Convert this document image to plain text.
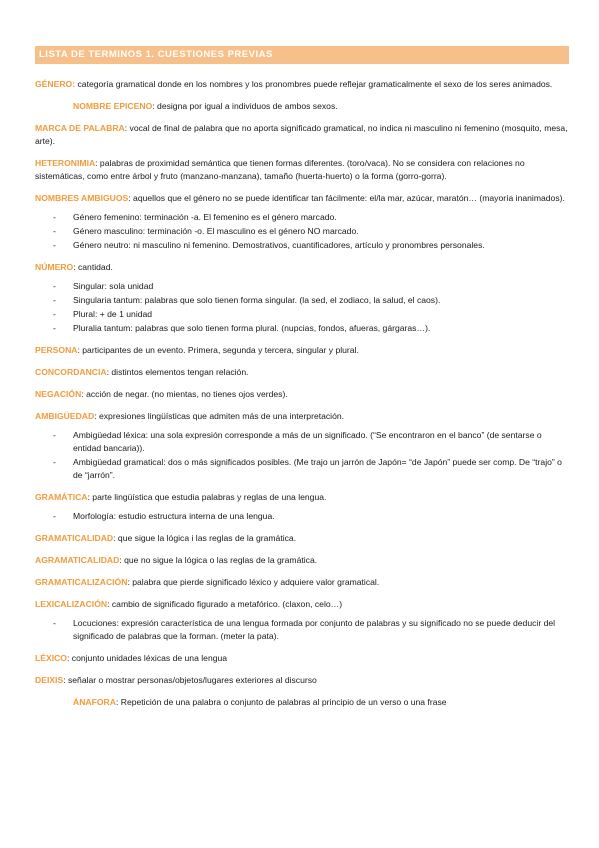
LISTA DE TERMINOS 1. CUESTIONES PREVIAS

GÉNERO: categoría gramatical donde en los nombres y los pronombres puede reflejar gramaticalmente el sexo de los seres animados.

NOMBRE EPICENO: designa por igual a individuos de ambos sexos.

MARCA DE PALABRA: vocal de final de palabra que no aporta significado gramatical, no indica ni masculino ni femenino (mosquito, mesa, arte).

HETERONIMIA: palabras de proximidad semántica que tienen formas diferentes. (toro/vaca). No se considera con relaciones no sistemáticas, como entre árbol y fruto (manzano-manzana), tamaño (huerta-huerto) o la forma (gorro-gorra).

NOMBRES AMBIGUOS: aquellos que el género no se puede identificar tan fácilmente: el/la mar, azúcar, maratón… (mayoría inanimados).

- Género femenino: terminación -a. El femenino es el género marcado.
- Género masculino: terminación -o. El masculino es el género NO marcado.
- Género neutro: ni masculino ni femenino. Demostrativos, cuantificadores, artículo y pronombres personales.

NÚMERO: cantidad.

- Singular: sola unidad
- Singularia tantum: palabras que solo tienen forma singular. (la sed, el zodiaco, la salud, el caos).
- Plural: + de 1 unidad
- Pluralia tantum: palabras que solo tienen forma plural. (nupcias, fondos, afueras, gárgaras…).

PERSONA: participantes de un evento. Primera, segunda y tercera, singular y plural.

CONCORDANCIA: distintos elementos tengan relación.

NEGACIÓN: acción de negar. (no mientas, no tienes ojos verdes).

AMBIGÜEDAD: expresiones lingüísticas que admiten más de una interpretación.

- Ambigüedad léxica: una sola expresión corresponde a más de un significado. (“Se encontraron en el banco” (de sentarse o entidad bancaria)).
- Ambigüedad gramatical: dos o más significados posibles. (Me trajo un jarrón de Japón= “de Japón” puede ser comp. De “trajo” o de “jarrón”.

GRAMÁTICA: parte lingüística que estudia palabras y reglas de una lengua.

- Morfología: estudio estructura interna de una lengua.

GRAMATICALIDAD: que sigue la lógica i las reglas de la gramática.

AGRAMATICALIDAD: que no sigue la lógica o las reglas de la gramática.

GRAMATICALIZACIÓN: palabra que pierde significado léxico y adquiere valor gramatical.

LEXICALIZACIÓN: cambio de significado figurado a metafórico. (claxon, celo…)

- Locuciones: expresión característica de una lengua formada por conjunto de palabras y su significado no se puede deducir del significado de palabras que la forman. (meter la pata).

LÉXICO: conjunto unidades léxicas de una lengua

DEIXIS: señalar o mostrar personas/objetos/lugares exteriores al discurso

ÁNAFORA: Repetición de una palabra o conjunto de palabras al principio de un verso o una frase
